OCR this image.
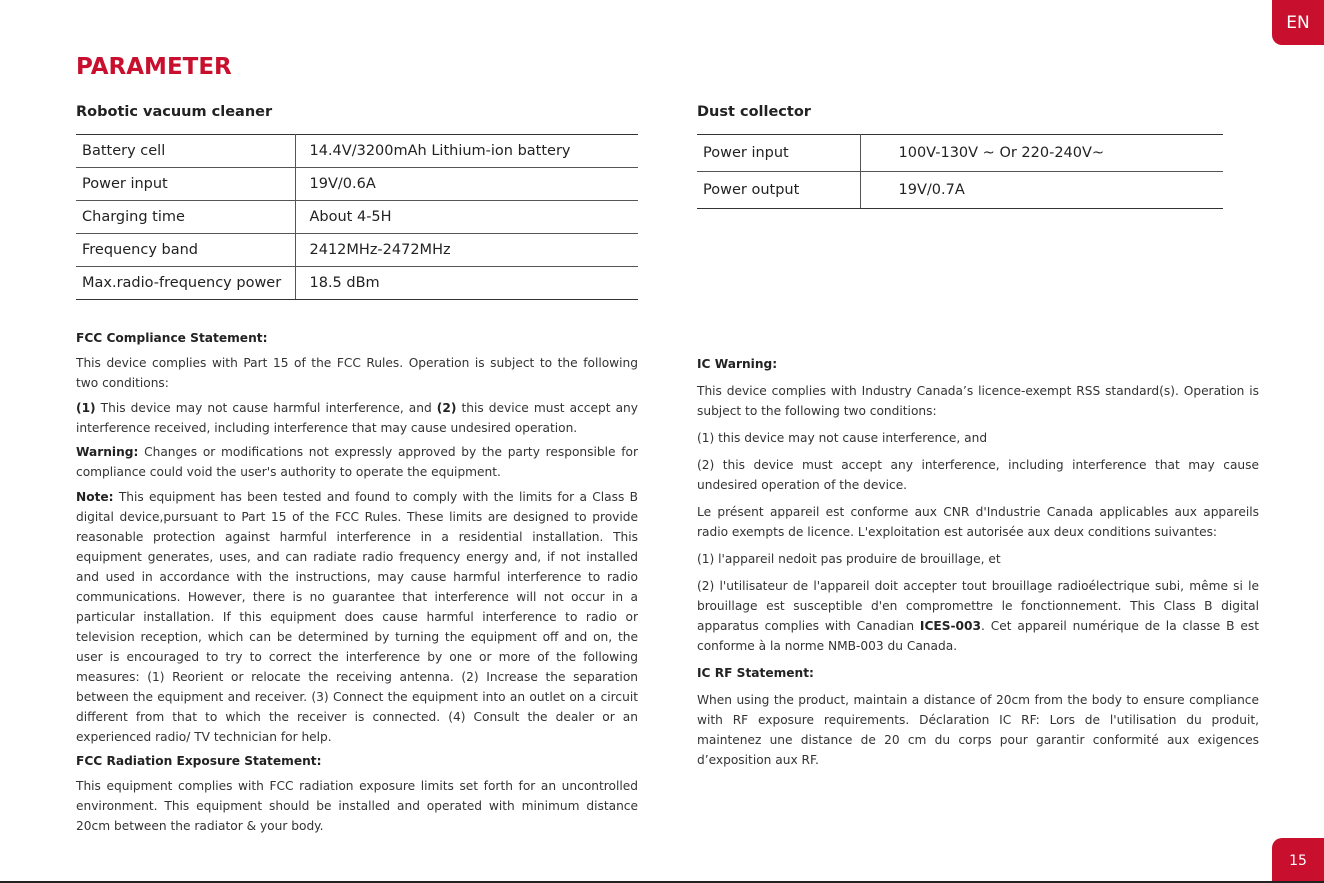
EN
PARAMETER
Robotic vacuum cleaner
Battery cell	14.4V/3200mAh Lithium-ion battery
Power input	19V/0.6A
Charging time	About 4-5H
Frequency band	2412MHz-2472MHz
Max.radio-frequency power	18.5 dBm
Dust collector
Power input	100V-130V ~ Or 220-240V~
Power output	19V/0.7A
FCC Compliance Statement:

This device complies with Part 15 of the FCC Rules. Operation is subject to the following two conditions:

(1) This device may not cause harmful interference, and (2) this device must accept any interference received, including interference that may cause undesired operation.

Warning: Changes or modifications not expressly approved by the party responsible for compliance could void the user's authority to operate the equipment.

Note: This equipment has been tested and found to comply with the limits for a Class B digital device,pursuant to Part 15 of the FCC Rules. These limits are designed to provide reasonable protection against harmful interference in a residential installation. This equipment generates, uses, and can radiate radio frequency energy and, if not installed and used in accordance with the instructions, may cause harmful interference to radio communications. However, there is no guarantee that interference will not occur in a particular installation. If this equipment does cause harmful interference to radio or television reception, which can be determined by turning the equipment off and on, the user is encouraged to try to correct the interference by one or more of the following measures: (1) Reorient or relocate the receiving antenna. (2) Increase the separation between the equipment and receiver. (3) Connect the equipment into an outlet on a circuit different from that to which the receiver is connected. (4) Consult the dealer or an experienced radio/ TV technician for help.

FCC Radiation Exposure Statement:

This equipment complies with FCC radiation exposure limits set forth for an uncontrolled environment. This equipment should be installed and operated with minimum distance 20cm between the radiator & your body.

IC Warning:

This device complies with Industry Canada’s licence-exempt RSS standard(s). Operation is subject to the following two conditions:

(1) this device may not cause interference, and

(2) this device must accept any interference, including interference that may cause undesired operation of the device.

Le présent appareil est conforme aux CNR d'Industrie Canada applicables aux appareils radio exempts de licence. L'exploitation est autorisée aux deux conditions suivantes:

(1) l'appareil nedoit pas produire de brouillage, et

(2) l'utilisateur de l'appareil doit accepter tout brouillage radioélectrique subi, même si le brouillage est susceptible d'en compromettre le fonctionnement. This Class B digital apparatus complies with Canadian ICES-003. Cet appareil numérique de la classe B est conforme à la norme NMB-003 du Canada.

IC RF Statement:

When using the product, maintain a distance of 20cm from the body to ensure compliance with RF exposure requirements. Déclaration IC RF: Lors de l'utilisation du produit, maintenez une distance de 20 cm du corps pour garantir conformité aux exigences d’exposition aux RF.

15
